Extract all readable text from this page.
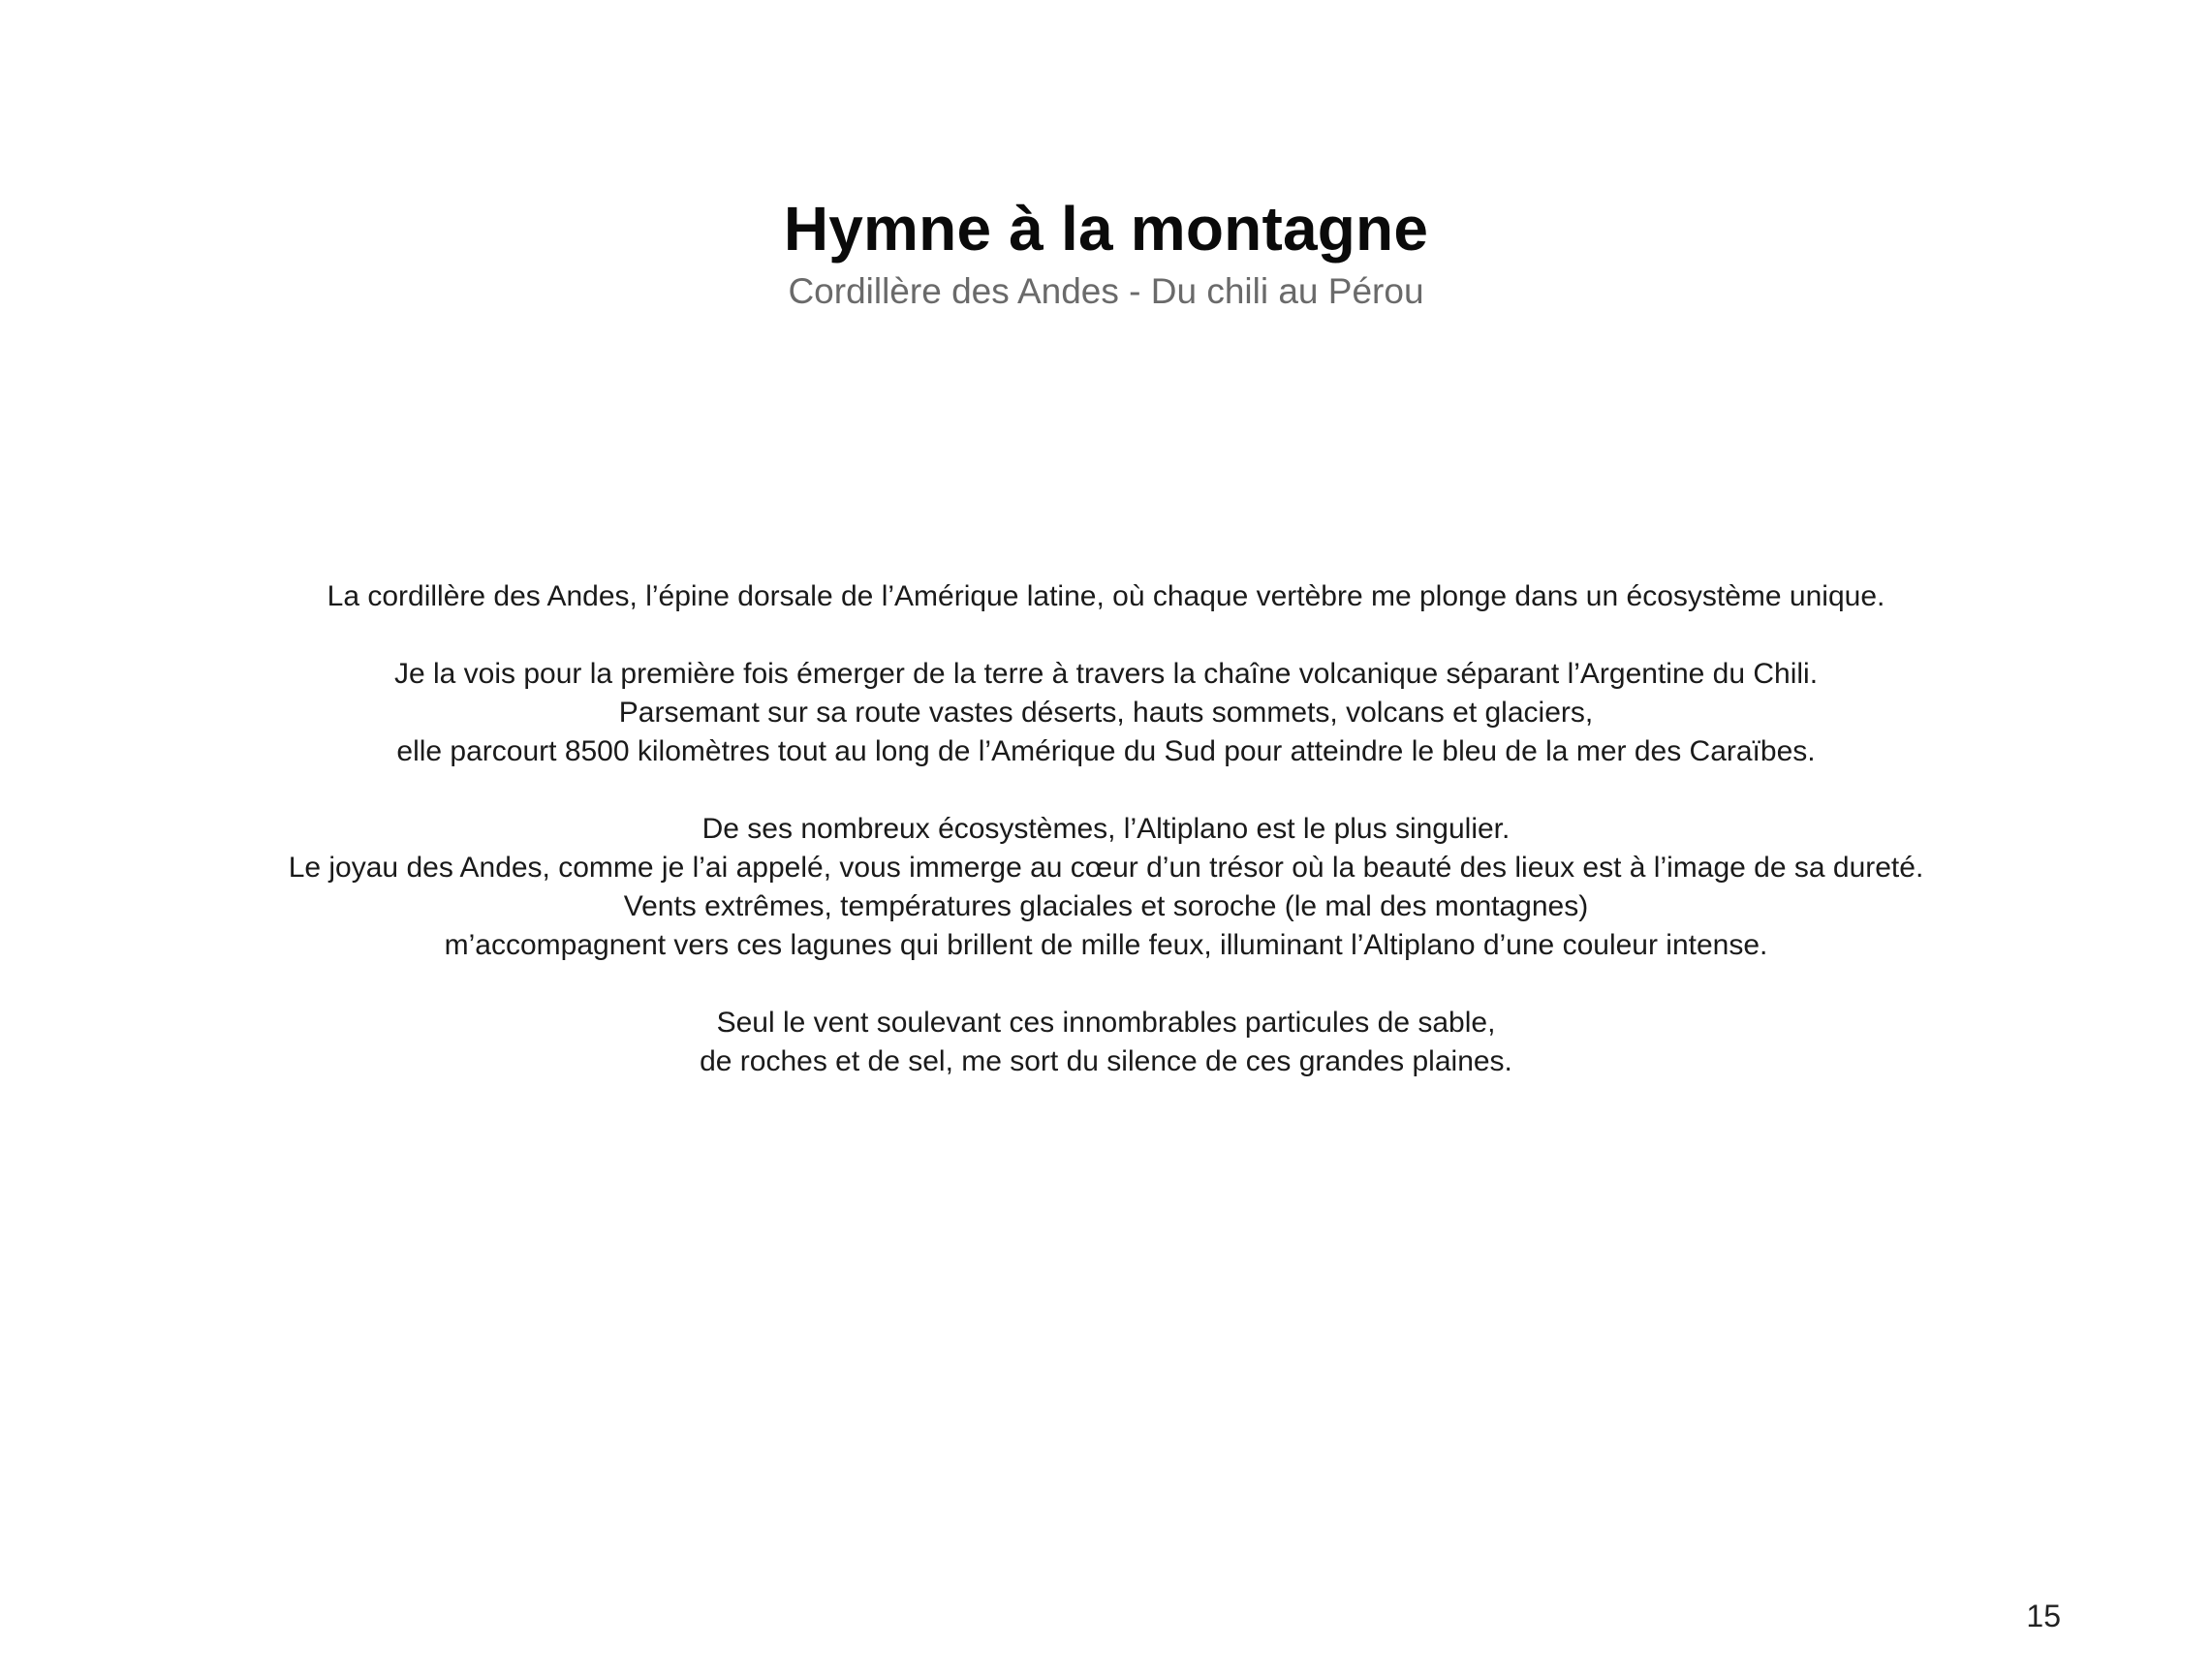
Hymne à la montagne

Cordillère des Andes - Du chili au Pérou

La cordillère des Andes, l’épine dorsale de l’Amérique latine, où chaque vertèbre me plonge dans un écosystème unique.

Je la vois pour la première fois émerger de la terre à travers la chaîne volcanique séparant l’Argentine du Chili.
Parsemant sur sa route vastes déserts, hauts sommets, volcans et glaciers,
elle parcourt 8500 kilomètres tout au long de l’Amérique du Sud pour atteindre le bleu de la mer des Caraïbes.

De ses nombreux écosystèmes, l’Altiplano est le plus singulier.
Le joyau des Andes, comme je l’ai appelé, vous immerge au cœur d’un trésor où la beauté des lieux est à l’image de sa dureté.
Vents extrêmes, températures glaciales et soroche (le mal des montagnes)
m’accompagnent vers ces lagunes qui brillent de mille feux, illuminant l’Altiplano d’une couleur intense.

Seul le vent soulevant ces innombrables particules de sable,
de roches et de sel, me sort du silence de ces grandes plaines.

15
